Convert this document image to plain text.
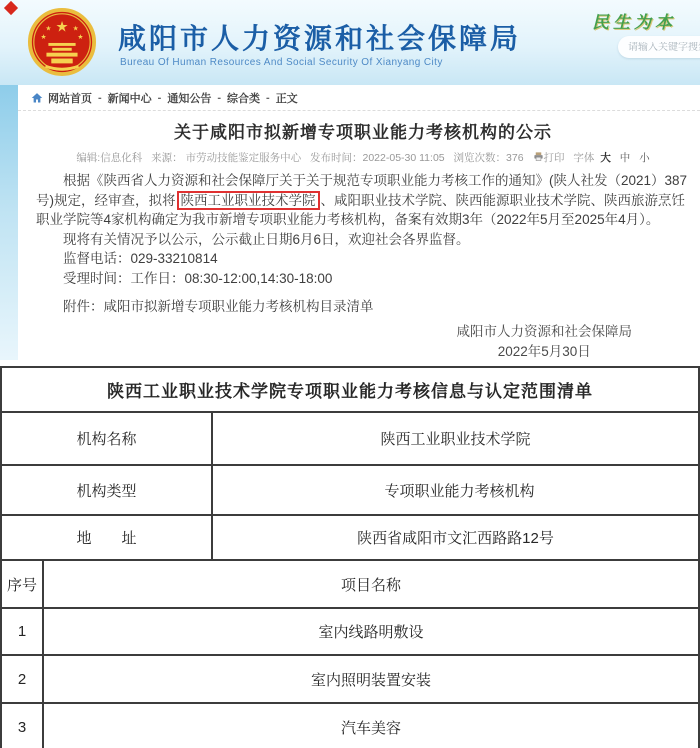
★
★	★
★	★ 咸阳市人力资源和社会保障局
Bureau Of Human Resources And Social Security Of Xianyang City
民生为本
请输入关键字搜索
网站首页 - 新闻中心 - 通知公告 - 综合类 - 正文
关于咸阳市拟新增专项职业能力考核机构的公示
编辑:信息化科 来源： 市劳动技能鉴定服务中心 发布时间：2022-05-30 11:05 浏览次数：376 打印 字体 大 中 小

根据《陕西省人力资源和社会保障厅关于关于规范专项职业能力考核工作的通知》(陕人社发（2021）387号)规定，经审查，拟将 陕西工业职业技术学院 、咸阳职业技术学院、陕西能源职业技术学院、陕西旅游烹饪职业学院等4家机构确定为我市新增专项职业能力考核机构，备案有效期3年（2022年5月至2025年4月）。

现将有关情况予以公示，公示截止日期6月6日，欢迎社会各界监督。

监督电话：029-33210814

受理时间：工作日：08:30-12:00,14:30-18:00

附件：咸阳市拟新增专项职业能力考核机构目录清单

咸阳市人力资源和社会保障局
2022年5月30日
陕西工业职业技术学院专项职业能力考核信息与认定范围清单	
机构名称	陕西工业职业技术学院
机构类型	专项职业能力考核机构
地　　址	陕西省咸阳市文汇西路路12号
序号	项目名称
1	室内线路明敷设
2	室内照明装置安装
3	汽车美容
